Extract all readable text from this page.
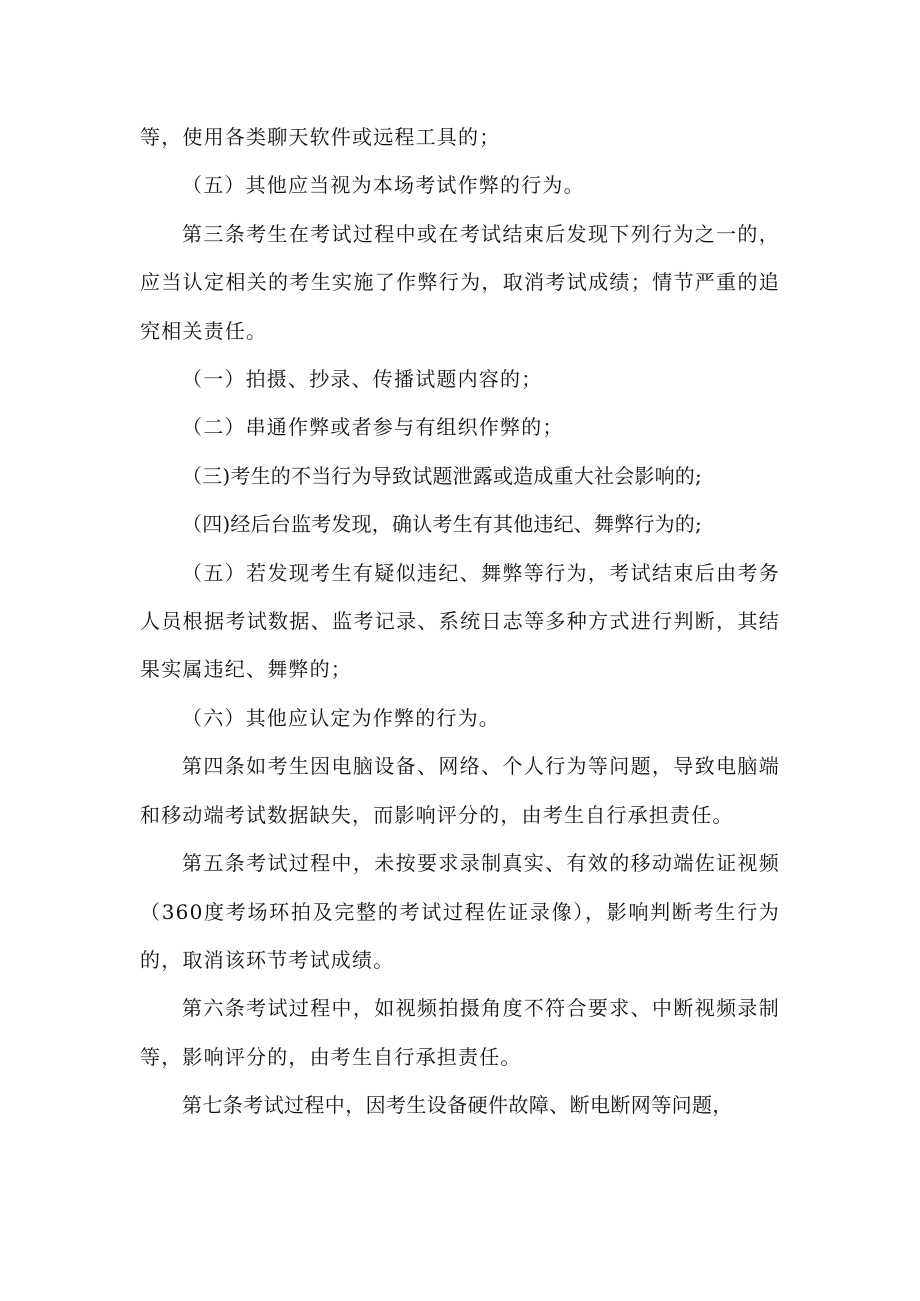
等，使用各类聊天软件或远程工具的；

（五）其他应当视为本场考试作弊的行为。

第三条考生在考试过程中或在考试结束后发现下列行为之一的，应当认定相关的考生实施了作弊行为，取消考试成绩；情节严重的追究相关责任。

（一）拍摄、抄录、传播试题内容的；

（二）串通作弊或者参与有组织作弊的；

（三)考生的不当行为导致试题泄露或造成重大社会影响的;

（四)经后台监考发现，确认考生有其他违纪、舞弊行为的;

（五）若发现考生有疑似违纪、舞弊等行为，考试结束后由考务人员根据考试数据、监考记录、系统日志等多种方式进行判断，其结果实属违纪、舞弊的；

（六）其他应认定为作弊的行为。

第四条如考生因电脑设备、网络、个人行为等问题，导致电脑端和移动端考试数据缺失，而影响评分的，由考生自行承担责任。

第五条考试过程中，未按要求录制真实、有效的移动端佐证视频（360度考场环拍及完整的考试过程佐证录像），影响判断考生行为的，取消该环节考试成绩。

第六条考试过程中，如视频拍摄角度不符合要求、中断视频录制等，影响评分的，由考生自行承担责任。

第七条考试过程中，因考生设备硬件故障、断电断网等问题，
